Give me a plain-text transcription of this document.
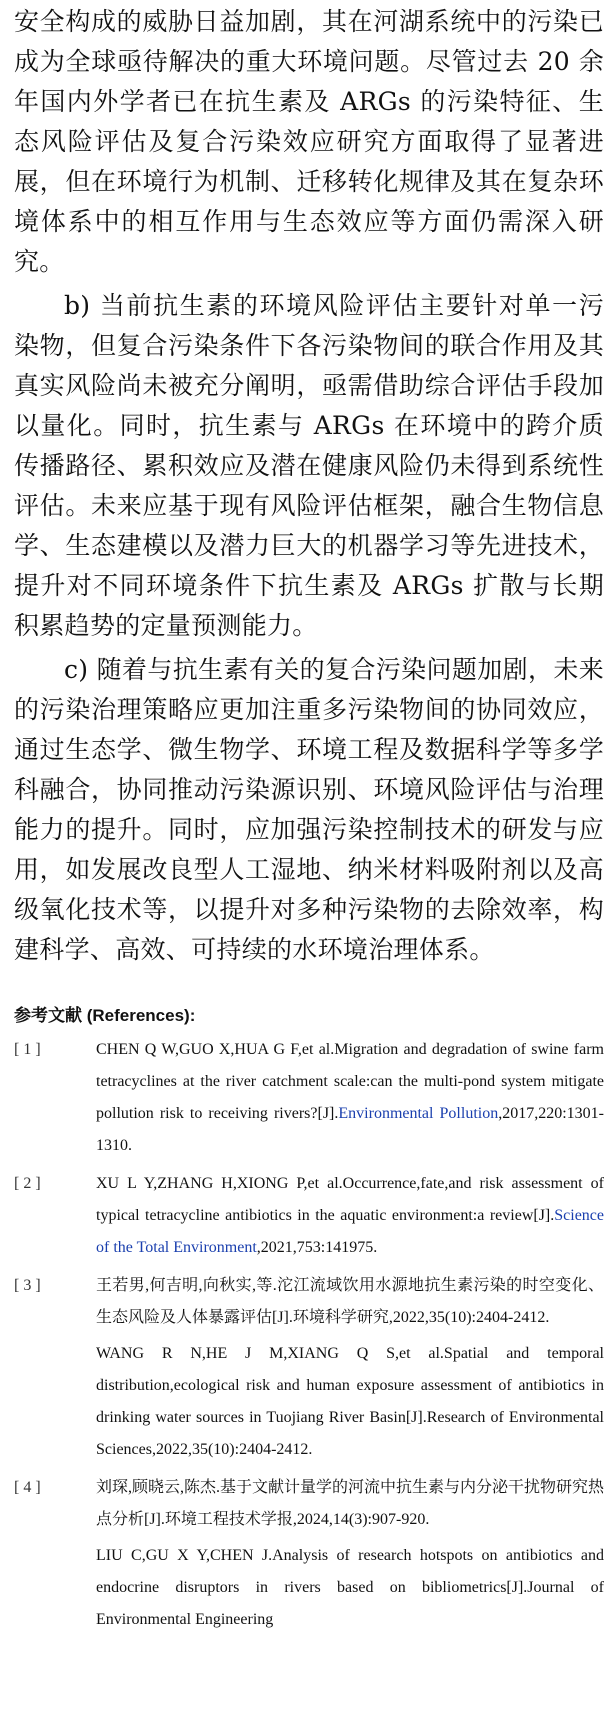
安全构成的威胁日益加剧，其在河湖系统中的污染已成为全球亟待解决的重大环境问题。尽管过去 20 余年国内外学者已在抗生素及 ARGs 的污染特征、生态风险评估及复合污染效应研究方面取得了显著进展，但在环境行为机制、迁移转化规律及其在复杂环境体系中的相互作用与生态效应等方面仍需深入研究。

b) 当前抗生素的环境风险评估主要针对单一污染物，但复合污染条件下各污染物间的联合作用及其真实风险尚未被充分阐明，亟需借助综合评估手段加以量化。同时，抗生素与 ARGs 在环境中的跨介质传播路径、累积效应及潜在健康风险仍未得到系统性评估。未来应基于现有风险评估框架，融合生物信息学、生态建模以及潜力巨大的机器学习等先进技术，提升对不同环境条件下抗生素及 ARGs 扩散与长期积累趋势的定量预测能力。

c) 随着与抗生素有关的复合污染问题加剧，未来的污染治理策略应更加注重多污染物间的协同效应，通过生态学、微生物学、环境工程及数据科学等多学科融合，协同推动污染源识别、环境风险评估与治理能力的提升。同时，应加强污染控制技术的研发与应用，如发展改良型人工湿地、纳米材料吸附剂以及高级氧化技术等，以提升对多种污染物的去除效率，构建科学、高效、可持续的水环境治理体系。

参考文献 (References):
[ 1 ]	CHEN Q W,GUO X,HUA G F,et al.Migration and degradation of swine farm tetracyclines at the river catchment scale:can the multi-pond system mitigate pollution risk to receiving rivers?[J].Environmental Pollution,2017,220:1301-1310.

[ 2 ]	XU L Y,ZHANG H,XIONG P,et al.Occurrence,fate,and risk assessment of typical tetracycline antibiotics in the aquatic environment:a review[J].Science of the Total Environment,2021,753:141975.

[ 3 ]	王若男,何吉明,向秋实,等.沱江流域饮用水源地抗生素污染的时空变化、生态风险及人体暴露评估[J].环境科学研究,2022,35(10):2404-2412.

WANG R N,HE J M,XIANG Q S,et al.Spatial and temporal distribution,ecological risk and human exposure assessment of antibiotics in drinking water sources in Tuojiang River Basin[J].Research of Environmental Sciences,2022,35(10):2404-2412.

[ 4 ]	刘琛,顾晓云,陈杰.基于文献计量学的河流中抗生素与内分泌干扰物研究热点分析[J].环境工程技术学报,2024,14(3):907-920.

LIU C,GU X Y,CHEN J.Analysis of research hotspots on antibiotics and endocrine disruptors in rivers based on bibliometrics[J].Journal of Environmental Engineering
